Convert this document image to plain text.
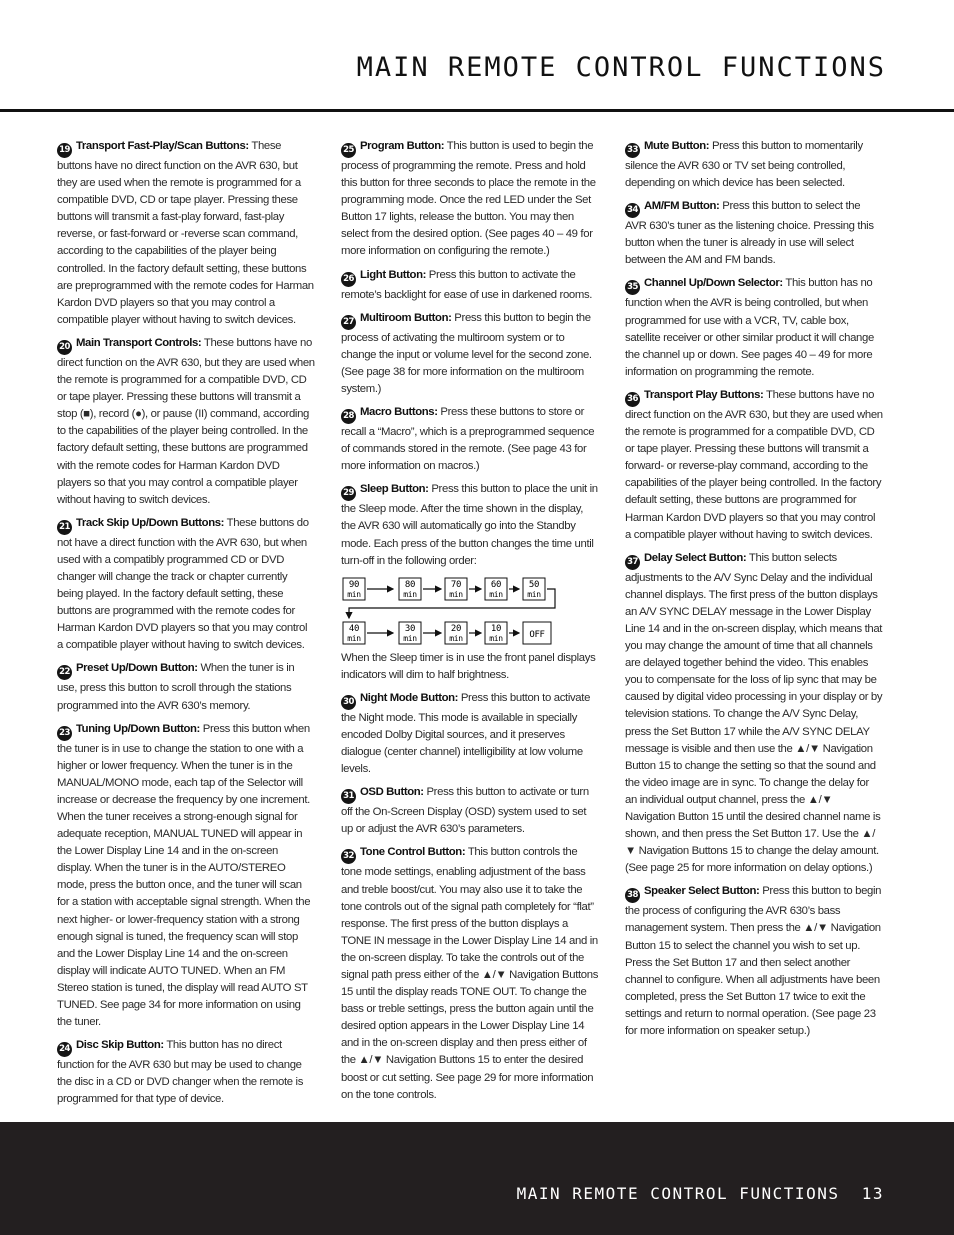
MAIN REMOTE CONTROL FUNCTIONS

19 Transport Fast-Play/Scan Buttons: These buttons have no direct function on the AVR 630, but they are used when the remote is programmed for a compatible DVD, CD or tape player. Pressing these buttons will transmit a fast-play forward, fast-play reverse, or fast-forward or -reverse scan command, according to the capabilities of the player being controlled. In the factory default setting, these buttons are preprogrammed with the remote codes for Harman Kardon DVD players so that you may control a compatible player without having to switch devices.

20 Main Transport Controls: These buttons have no direct function on the AVR 630, but they are used when the remote is programmed for a compatible DVD, CD or tape player. Pressing these buttons will transmit a stop (■), record (●), or pause (II) command, according to the capabilities of the player being controlled. In the factory default setting, these buttons are programmed with the remote codes for Harman Kardon DVD players so that you may control a compatible player without having to switch devices.

21 Track Skip Up/Down Buttons: These buttons do not have a direct function with the AVR 630, but when used with a compatibly programmed CD or DVD changer will change the track or chapter currently being played. In the factory default setting, these buttons are programmed with the remote codes for Harman Kardon DVD players so that you may control a compatible player without having to switch devices.

22 Preset Up/Down Button: When the tuner is in use, press this button to scroll through the stations programmed into the AVR 630’s memory.

23 Tuning Up/Down Button: Press this button when the tuner is in use to change the station to one with a higher or lower frequency. When the tuner is in the MANUAL/MONO mode, each tap of the Selector will increase or decrease the frequency by one increment. When the tuner receives a strong-enough signal for adequate reception, MANUAL TUNED will appear in the Lower Display Line 14 and in the on-screen display. When the tuner is in the AUTO/STEREO mode, press the button once, and the tuner will scan for a station with acceptable signal strength. When the next higher- or lower-frequency station with a strong enough signal is tuned, the frequency scan will stop and the Lower Display Line 14 and the on-screen display will indicate AUTO TUNED. When an FM Stereo station is tuned, the display will read AUTO ST TUNED. See page 34 for more information on using the tuner.

24 Disc Skip Button: This button has no direct function for the AVR 630 but may be used to change the disc in a CD or DVD changer when the remote is programmed for that type of device.

25 Program Button: This button is used to begin the process of programming the remote. Press and hold this button for three seconds to place the remote in the programming mode. Once the red LED under the Set Button 17 lights, release the button. You may then select from the desired option. (See pages 40 – 49 for more information on configuring the remote.)

26 Light Button: Press this button to activate the remote’s backlight for ease of use in darkened rooms.

27 Multiroom Button: Press this button to begin the process of activating the multiroom system or to change the input or volume level for the second zone. (See page 38 for more information on the multiroom system.)

28 Macro Buttons: Press these buttons to store or recall a “Macro”, which is a preprogrammed sequence of commands stored in the remote. (See page 43 for more information on macros.)

29 Sleep Button: Press this button to place the unit in the Sleep mode. After the time shown in the display, the AVR 630 will automatically go into the Standby mode. Each press of the button changes the time until turn-off in the following order:
90
min
80
min
70
min
60
min
50
min
40
min
30
min
20
min
10
min	OFF
When the Sleep timer is in use the front panel displays indicators will dim to half brightness.

30 Night Mode Button: Press this button to activate the Night mode. This mode is available in specially encoded Dolby Digital sources, and it preserves dialogue (center channel) intelligibility at low volume levels.

31 OSD Button: Press this button to activate or turn off the On-Screen Display (OSD) system used to set up or adjust the AVR 630’s parameters.

32 Tone Control Button: This button controls the tone mode settings, enabling adjustment of the bass and treble boost/cut. You may also use it to take the tone controls out of the signal path completely for “flat” response. The first press of the button displays a TONE IN message in the Lower Display Line 14 and in the on-screen display. To take the controls out of the signal path press either of the ▲/▼ Navigation Buttons 15 until the display reads TONE OUT. To change the bass or treble settings, press the button again until the desired option appears in the Lower Display Line 14 and in the on-screen display and then press either of the ▲/▼ Navigation Buttons 15 to enter the desired boost or cut setting. See page 29 for more information on the tone controls.

33 Mute Button: Press this button to momentarily silence the AVR 630 or TV set being controlled, depending on which device has been selected.

34 AM/FM Button: Press this button to select the AVR 630’s tuner as the listening choice. Pressing this button when the tuner is already in use will select between the AM and FM bands.

35 Channel Up/Down Selector: This button has no function when the AVR is being controlled, but when programmed for use with a VCR, TV, cable box, satellite receiver or other similar product it will change the channel up or down. See pages 40 – 49 for more information on programming the remote.

36 Transport Play Buttons: These buttons have no direct function on the AVR 630, but they are used when the remote is programmed for a compatible DVD, CD or tape player. Pressing these buttons will transmit a forward- or reverse-play command, according to the capabilities of the player being controlled. In the factory default setting, these buttons are programmed for Harman Kardon DVD players so that you may control a compatible player without having to switch devices.

37 Delay Select Button: This button selects adjustments to the A/V Sync Delay and the individual channel displays. The first press of the button displays an A/V SYNC DELAY message in the Lower Display Line 14 and in the on-screen display, which means that you may change the amount of time that all channels are delayed together behind the video. This enables you to compensate for the loss of lip sync that may be caused by digital video processing in your display or by television stations. To change the A/V Sync Delay, press the Set Button 17 while the A/V SYNC DELAY message is visible and then use the ▲/▼ Navigation Button 15 to change the setting so that the sound and the video image are in sync. To change the delay for an individual output channel, press the ▲/▼ Navigation Button 15 until the desired channel name is shown, and then press the Set Button 17. Use the ▲/▼ Navigation Buttons 15 to change the delay amount. (See page 25 for more information on delay options.)

38 Speaker Select Button: Press this button to begin the process of configuring the AVR 630’s bass management system. Then press the ▲/▼ Navigation Button 15 to select the channel you wish to set up. Press the Set Button 17 and then select another channel to configure. When all adjustments have been completed, press the Set Button 17 twice to exit the settings and return to normal operation. (See page 23 for more information on speaker setup.)

MAIN REMOTE CONTROL FUNCTIONS 13
